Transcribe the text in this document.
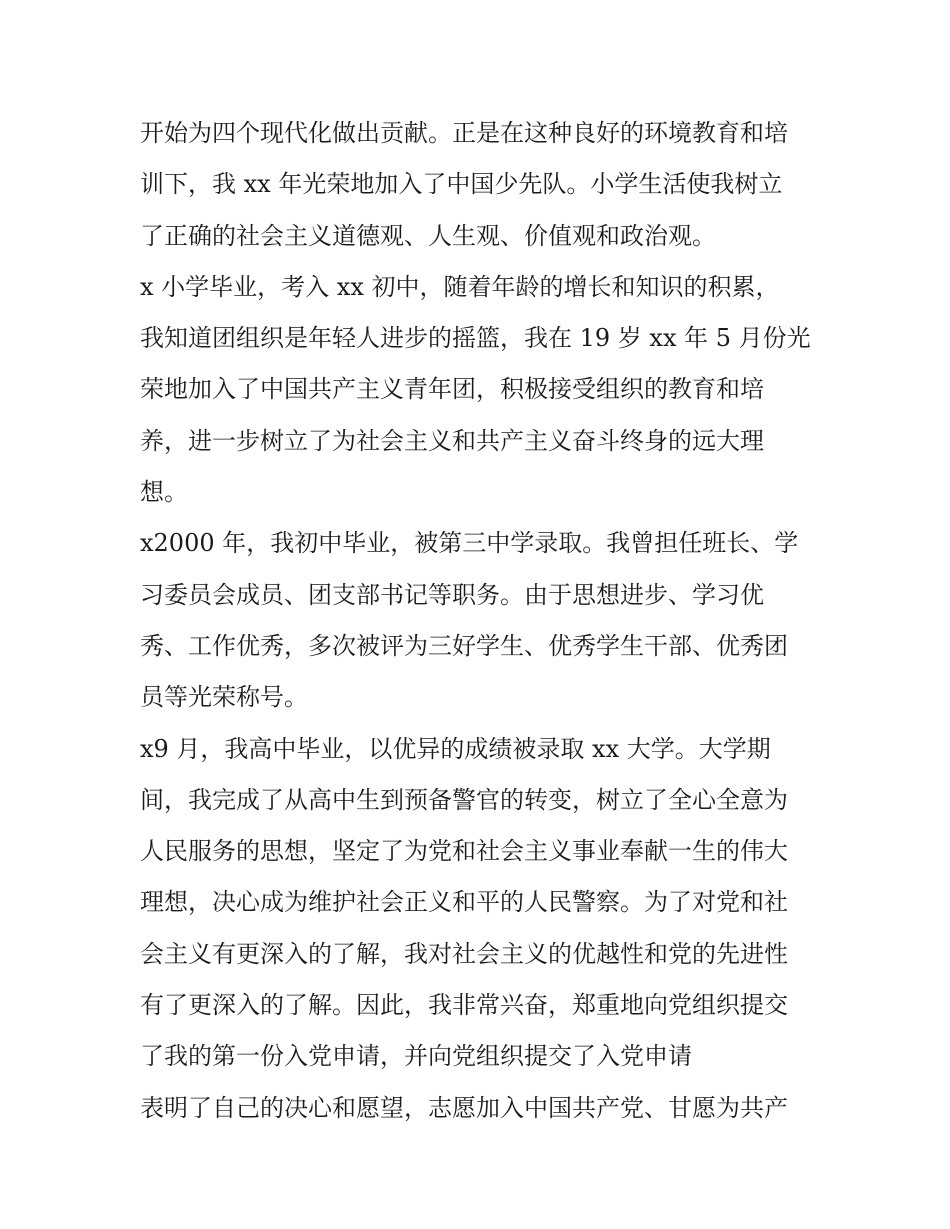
开始为四个现代化做出贡献。正是在这种良好的环境教育和培
训下，我 xx 年光荣地加入了中国少先队。小学生活使我树立
了正确的社会主义道德观、人生观、价值观和政治观。
x 小学毕业，考入 xx 初中，随着年龄的增长和知识的积累，
我知道团组织是年轻人进步的摇篮，我在 19 岁 xx 年 5 月份光
荣地加入了中国共产主义青年团，积极接受组织的教育和培
养，进一步树立了为社会主义和共产主义奋斗终身的远大理
想。
x2000 年，我初中毕业，被第三中学录取。我曾担任班长、学
习委员会成员、团支部书记等职务。由于思想进步、学习优
秀、工作优秀，多次被评为三好学生、优秀学生干部、优秀团
员等光荣称号。
x9 月，我高中毕业，以优异的成绩被录取 xx 大学。大学期
间，我完成了从高中生到预备警官的转变，树立了全心全意为
人民服务的思想，坚定了为党和社会主义事业奉献一生的伟大
理想，决心成为维护社会正义和平的人民警察。为了对党和社
会主义有更深入的了解，我对社会主义的优越性和党的先进性
有了更深入的了解。因此，我非常兴奋，郑重地向党组织提交
了我的第一份入党申请，并向党组织提交了入党申请
表明了自己的决心和愿望，志愿加入中国共产党、甘愿为共产
